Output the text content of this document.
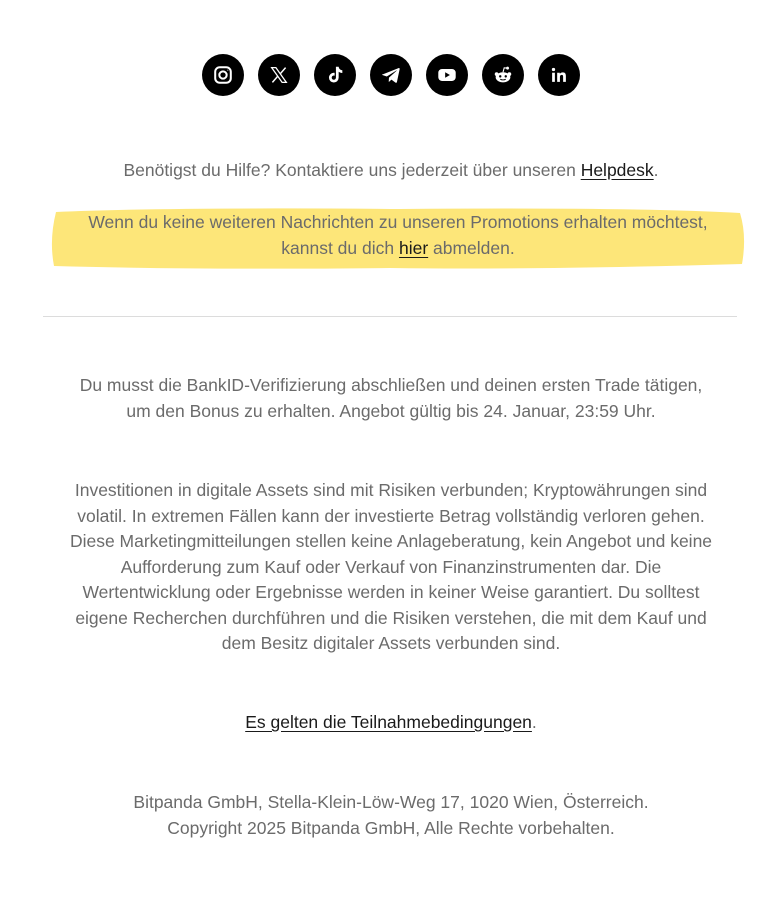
Benötigst du Hilfe? Kontaktiere uns jederzeit über unseren Helpdesk.
Wenn du keine weiteren Nachrichten zu unseren Promotions erhalten möchtest,
kannst du dich hier abmelden.
Du musst die BankID-Verifizierung abschließen und deinen ersten Trade tätigen,
um den Bonus zu erhalten. Angebot gültig bis 24. Januar, 23:59 Uhr.
Investitionen in digitale Assets sind mit Risiken verbunden; Kryptowährungen sind
volatil. In extremen Fällen kann der investierte Betrag vollständig verloren gehen.
Diese Marketingmitteilungen stellen keine Anlageberatung, kein Angebot und keine
Aufforderung zum Kauf oder Verkauf von Finanzinstrumenten dar. Die
Wertentwicklung oder Ergebnisse werden in keiner Weise garantiert. Du solltest
eigene Recherchen durchführen und die Risiken verstehen, die mit dem Kauf und
dem Besitz digitaler Assets verbunden sind.
Es gelten die Teilnahmebedingungen.
Bitpanda GmbH, Stella-Klein-Löw-Weg 17, 1020 Wien, Österreich.
Copyright 2025 Bitpanda GmbH, Alle Rechte vorbehalten.
